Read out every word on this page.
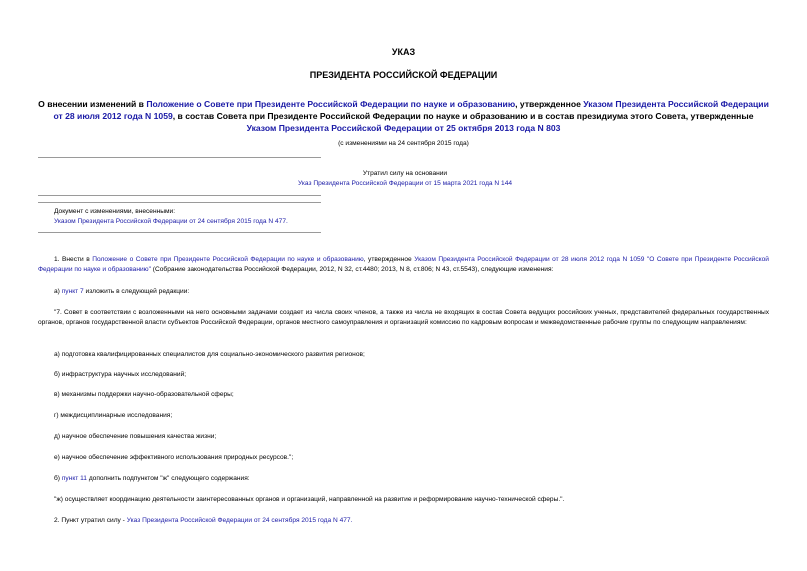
УКАЗ
ПРЕЗИДЕНТА РОССИЙСКОЙ ФЕДЕРАЦИИ
О внесении изменений в Положение о Совете при Президенте Российской Федерации по науке и образованию, утвержденное Указом Президента Российской Федерации от 28 июля 2012 года N 1059, в состав Совета при Президенте Российской Федерации по науке и образованию и в состав президиума этого Совета, утвержденные Указом Президента Российской Федерации от 25 октября 2013 года N 803
(с изменениями на 24 сентября 2015 года)
Утратил силу на основании
Указ Президента Российской Федерации от 15 марта 2021 года N 144
Документ с изменениями, внесенными:
Указом Президента Российской Федерации от 24 сентября 2015 года N 477.
1. Внести в Положение о Совете при Президенте Российской Федерации по науке и образованию, утвержденное Указом Президента Российской Федерации от 28 июля 2012 года N 1059 "О Совете при Президенте Российской Федерации по науке и образованию" (Собрание законодательства Российской Федерации, 2012, N 32, ст.4480; 2013, N 8, ст.806; N 43, ст.5543), следующие изменения:
а) пункт 7 изложить в следующей редакции:
"7. Совет в соответствии с возложенными на него основными задачами создает из числа своих членов, а также из числа не входящих в состав Совета ведущих российских ученых, представителей федеральных государственных органов, органов государственной власти субъектов Российской Федерации, органов местного самоуправления и организаций комиссию по кадровым вопросам и межведомственные рабочие группы по следующим направлениям:
а) подготовка квалифицированных специалистов для социально-экономического развития регионов;
б) инфраструктура научных исследований;
в) механизмы поддержки научно-образовательной сферы;
г) междисциплинарные исследования;
д) научное обеспечение повышения качества жизни;
е) научное обеспечение эффективного использования природных ресурсов.";
б) пункт 11 дополнить подпунктом "ж" следующего содержания:
"ж) осуществляет координацию деятельности заинтересованных органов и организаций, направленной на развитие и реформирование научно-технической сферы.".
2. Пункт утратил силу - Указ Президента Российской Федерации от 24 сентября 2015 года N 477.
